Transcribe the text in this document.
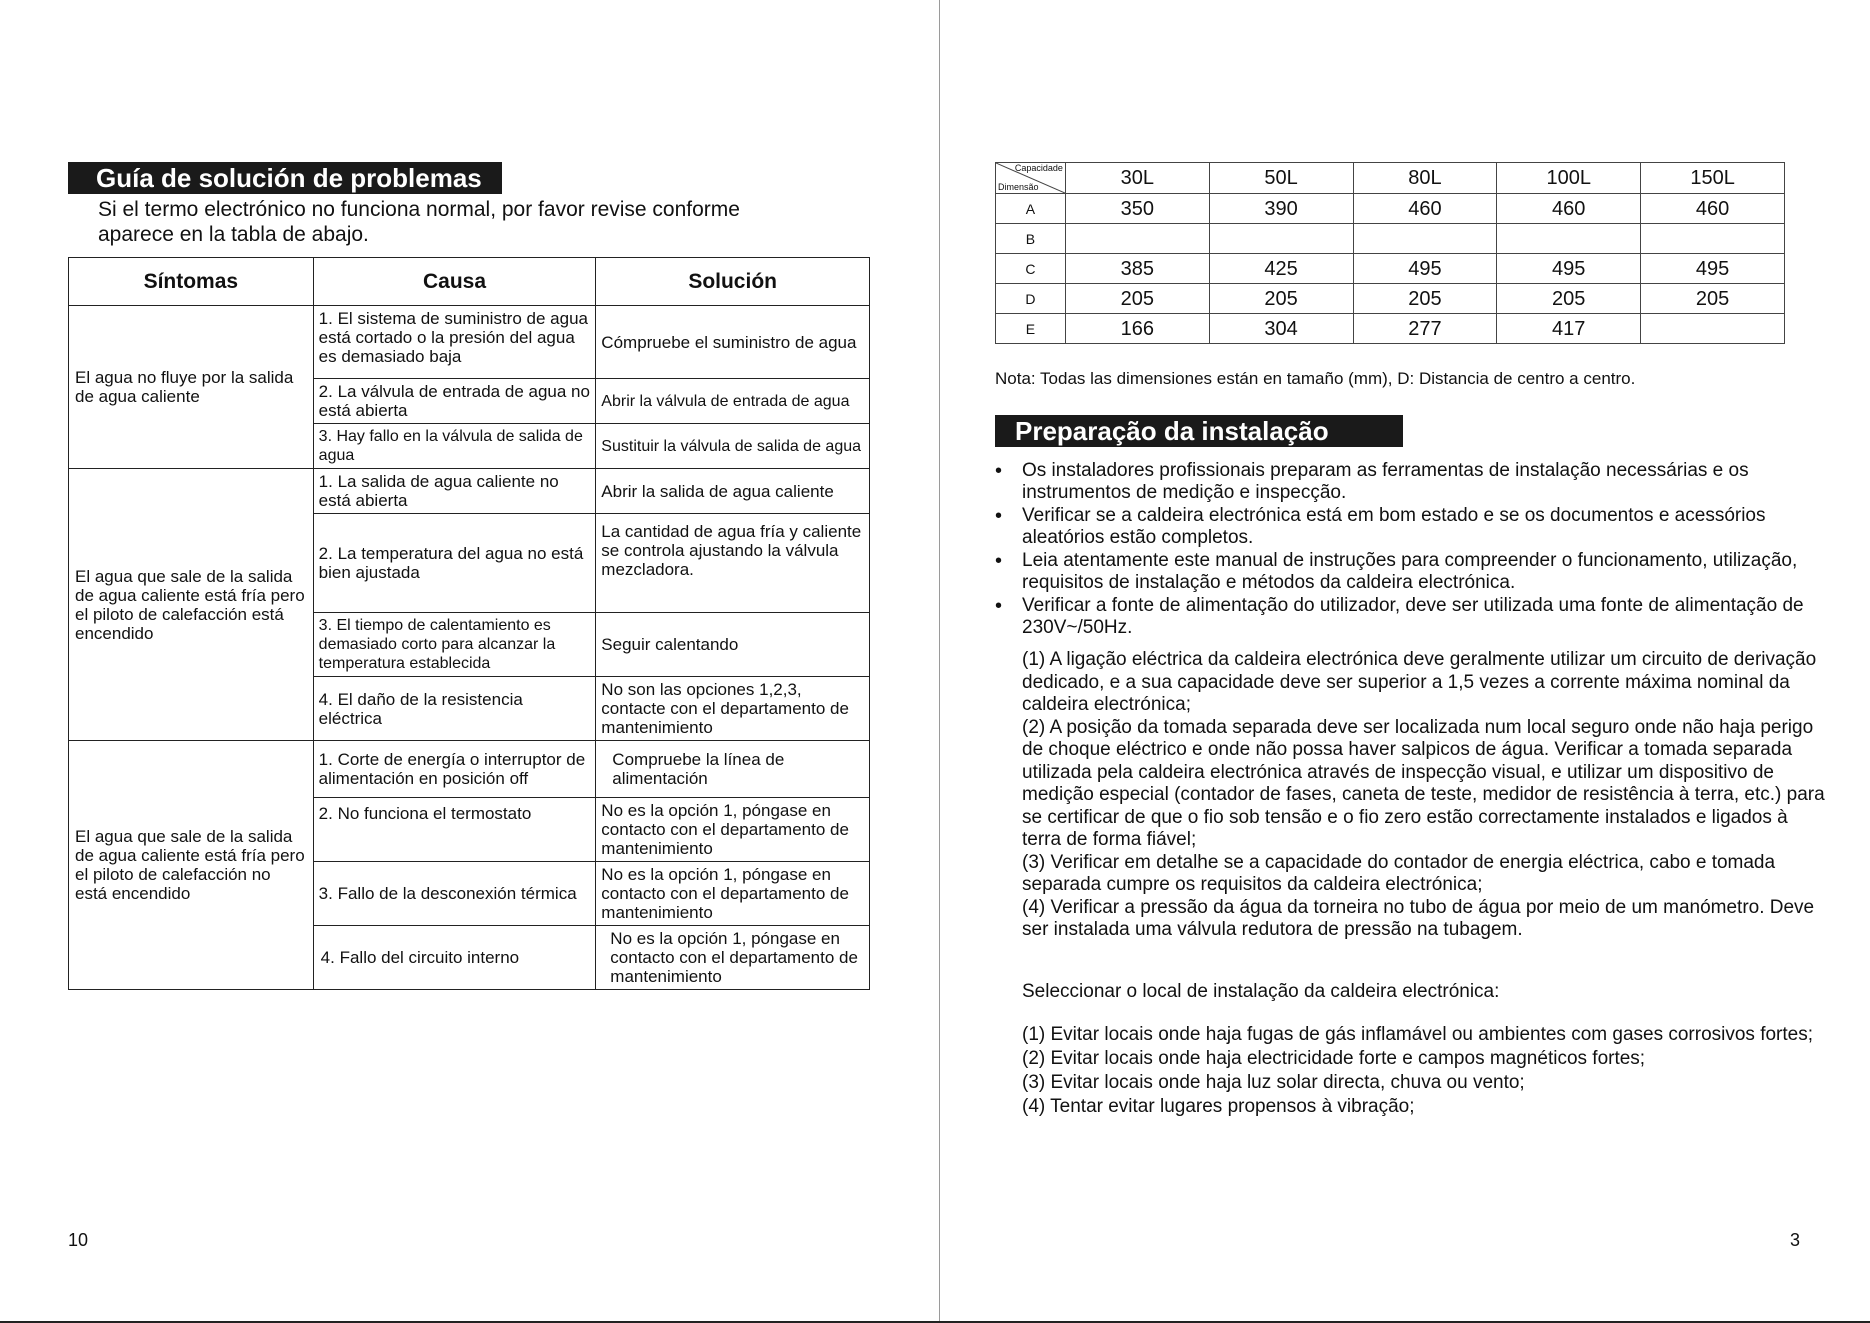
Guía de solución de problemas
Si el termo electrónico no funciona normal, por favor revise conforme aparece en la tabla de abajo.
Síntomas	Causa	Solución
El agua no fluye por la salida de agua caliente	1. El sistema de suministro de agua está cortado o la presión del agua es demasiado baja	Cómpruebe el suministro de agua
	2. La válvula de entrada de agua no está abierta	Abrir la válvula de entrada de agua
	3. Hay fallo en la válvula de salida de agua	Sustituir la válvula de salida de agua
El agua que sale de la salida de agua caliente está fría pero el piloto de calefacción está encendido	1. La salida de agua caliente no está abierta	Abrir la salida de agua caliente
	2. La temperatura del agua no está bien ajustada	La cantidad de agua fría y caliente se controla ajustando la válvula mezcladora.
	3. El tiempo de calentamiento es demasiado corto para alcanzar la temperatura establecida	Seguir calentando
	4. El daño de la resistencia eléctrica	No son las opciones 1,2,3, contacte con el departamento de mantenimiento
El agua que sale de la salida de agua caliente está fría pero el piloto de calefacción no está encendido	1. Corte de energía o interruptor de alimentación en posición off	Compruebe la línea de alimentación
	2. No funciona el termostato	No es la opción 1, póngase en contacto con el departamento de mantenimiento
	3. Fallo de la desconexión térmica	No es la opción 1, póngase en contacto con el departamento de mantenimiento
	4. Fallo del circuito interno	No es la opción 1, póngase en contacto con el departamento de mantenimiento
10
Capacidade
Dimensão	30L	50L	80L	100L	150L
A	350	390	460	460	460
B					
C	385	425	495	495	495
D	205	205	205	205	205
E	166	304	277	417	
Nota: Todas las dimensiones están en tamaño (mm), D: Distancia de centro a centro.
Preparação da instalação
• Os instaladores profissionais preparam as ferramentas de instalação necessárias e os instrumentos de medição e inspecção.
• Verificar se a caldeira electrónica está em bom estado e se os documentos e acessórios aleatórios estão completos.
• Leia atentamente este manual de instruções para compreender o funcionamento, utilização, requisitos de instalação e métodos da caldeira electrónica.
• Verificar a fonte de alimentação do utilizador, deve ser utilizada uma fonte de alimentação de 230V~/50Hz.
(1) A ligação eléctrica da caldeira electrónica deve geralmente utilizar um circuito de derivação dedicado, e a sua capacidade deve ser superior a 1,5 vezes a corrente máxima nominal da caldeira electrónica;
(2) A posição da tomada separada deve ser localizada num local seguro onde não haja perigo de choque eléctrico e onde não possa haver salpicos de água. Verificar a tomada separada utilizada pela caldeira electrónica através de inspecção visual, e utilizar um dispositivo de medição especial (contador de fases, caneta de teste, medidor de resistência à terra, etc.) para se certificar de que o fio sob tensão e o fio zero estão correctamente instalados e ligados à terra de forma fiável;
(3) Verificar em detalhe se a capacidade do contador de energia eléctrica, cabo e tomada separada cumpre os requisitos da caldeira electrónica;
(4) Verificar a pressão da água da torneira no tubo de água por meio de um manómetro. Deve ser instalada uma válvula redutora de pressão na tubagem.
Seleccionar o local de instalação da caldeira electrónica:
(1) Evitar locais onde haja fugas de gás inflamável ou ambientes com gases corrosivos fortes;
(2) Evitar locais onde haja electricidade forte e campos magnéticos fortes;
(3) Evitar locais onde haja luz solar directa, chuva ou vento;
(4) Tentar evitar lugares propensos à vibração;
3
